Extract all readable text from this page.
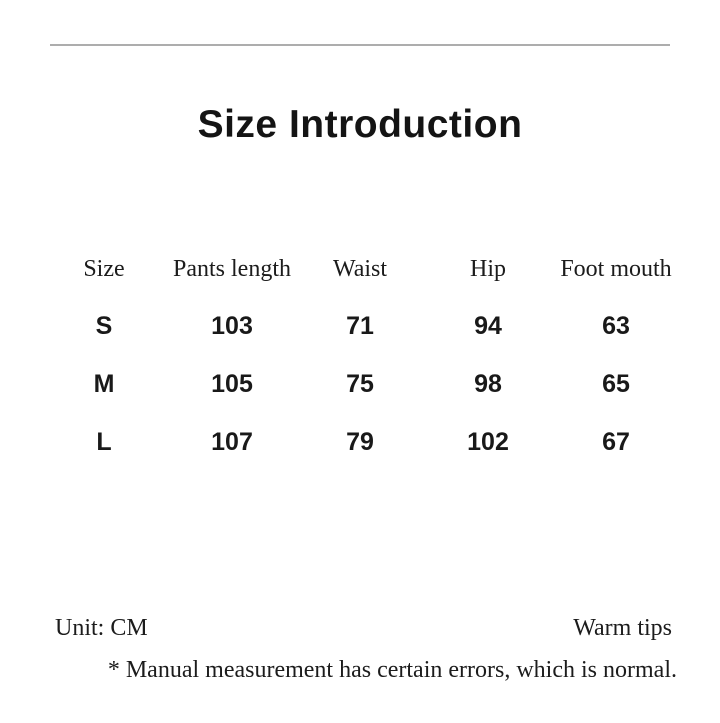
Size Introduction
Size	Pants length	Waist	Hip	Foot mouth
S	103	71	94	63
M	105	75	98	65
L	107	79	102	67
Unit: CM	Warm tips
* Manual measurement has certain errors, which is normal.
